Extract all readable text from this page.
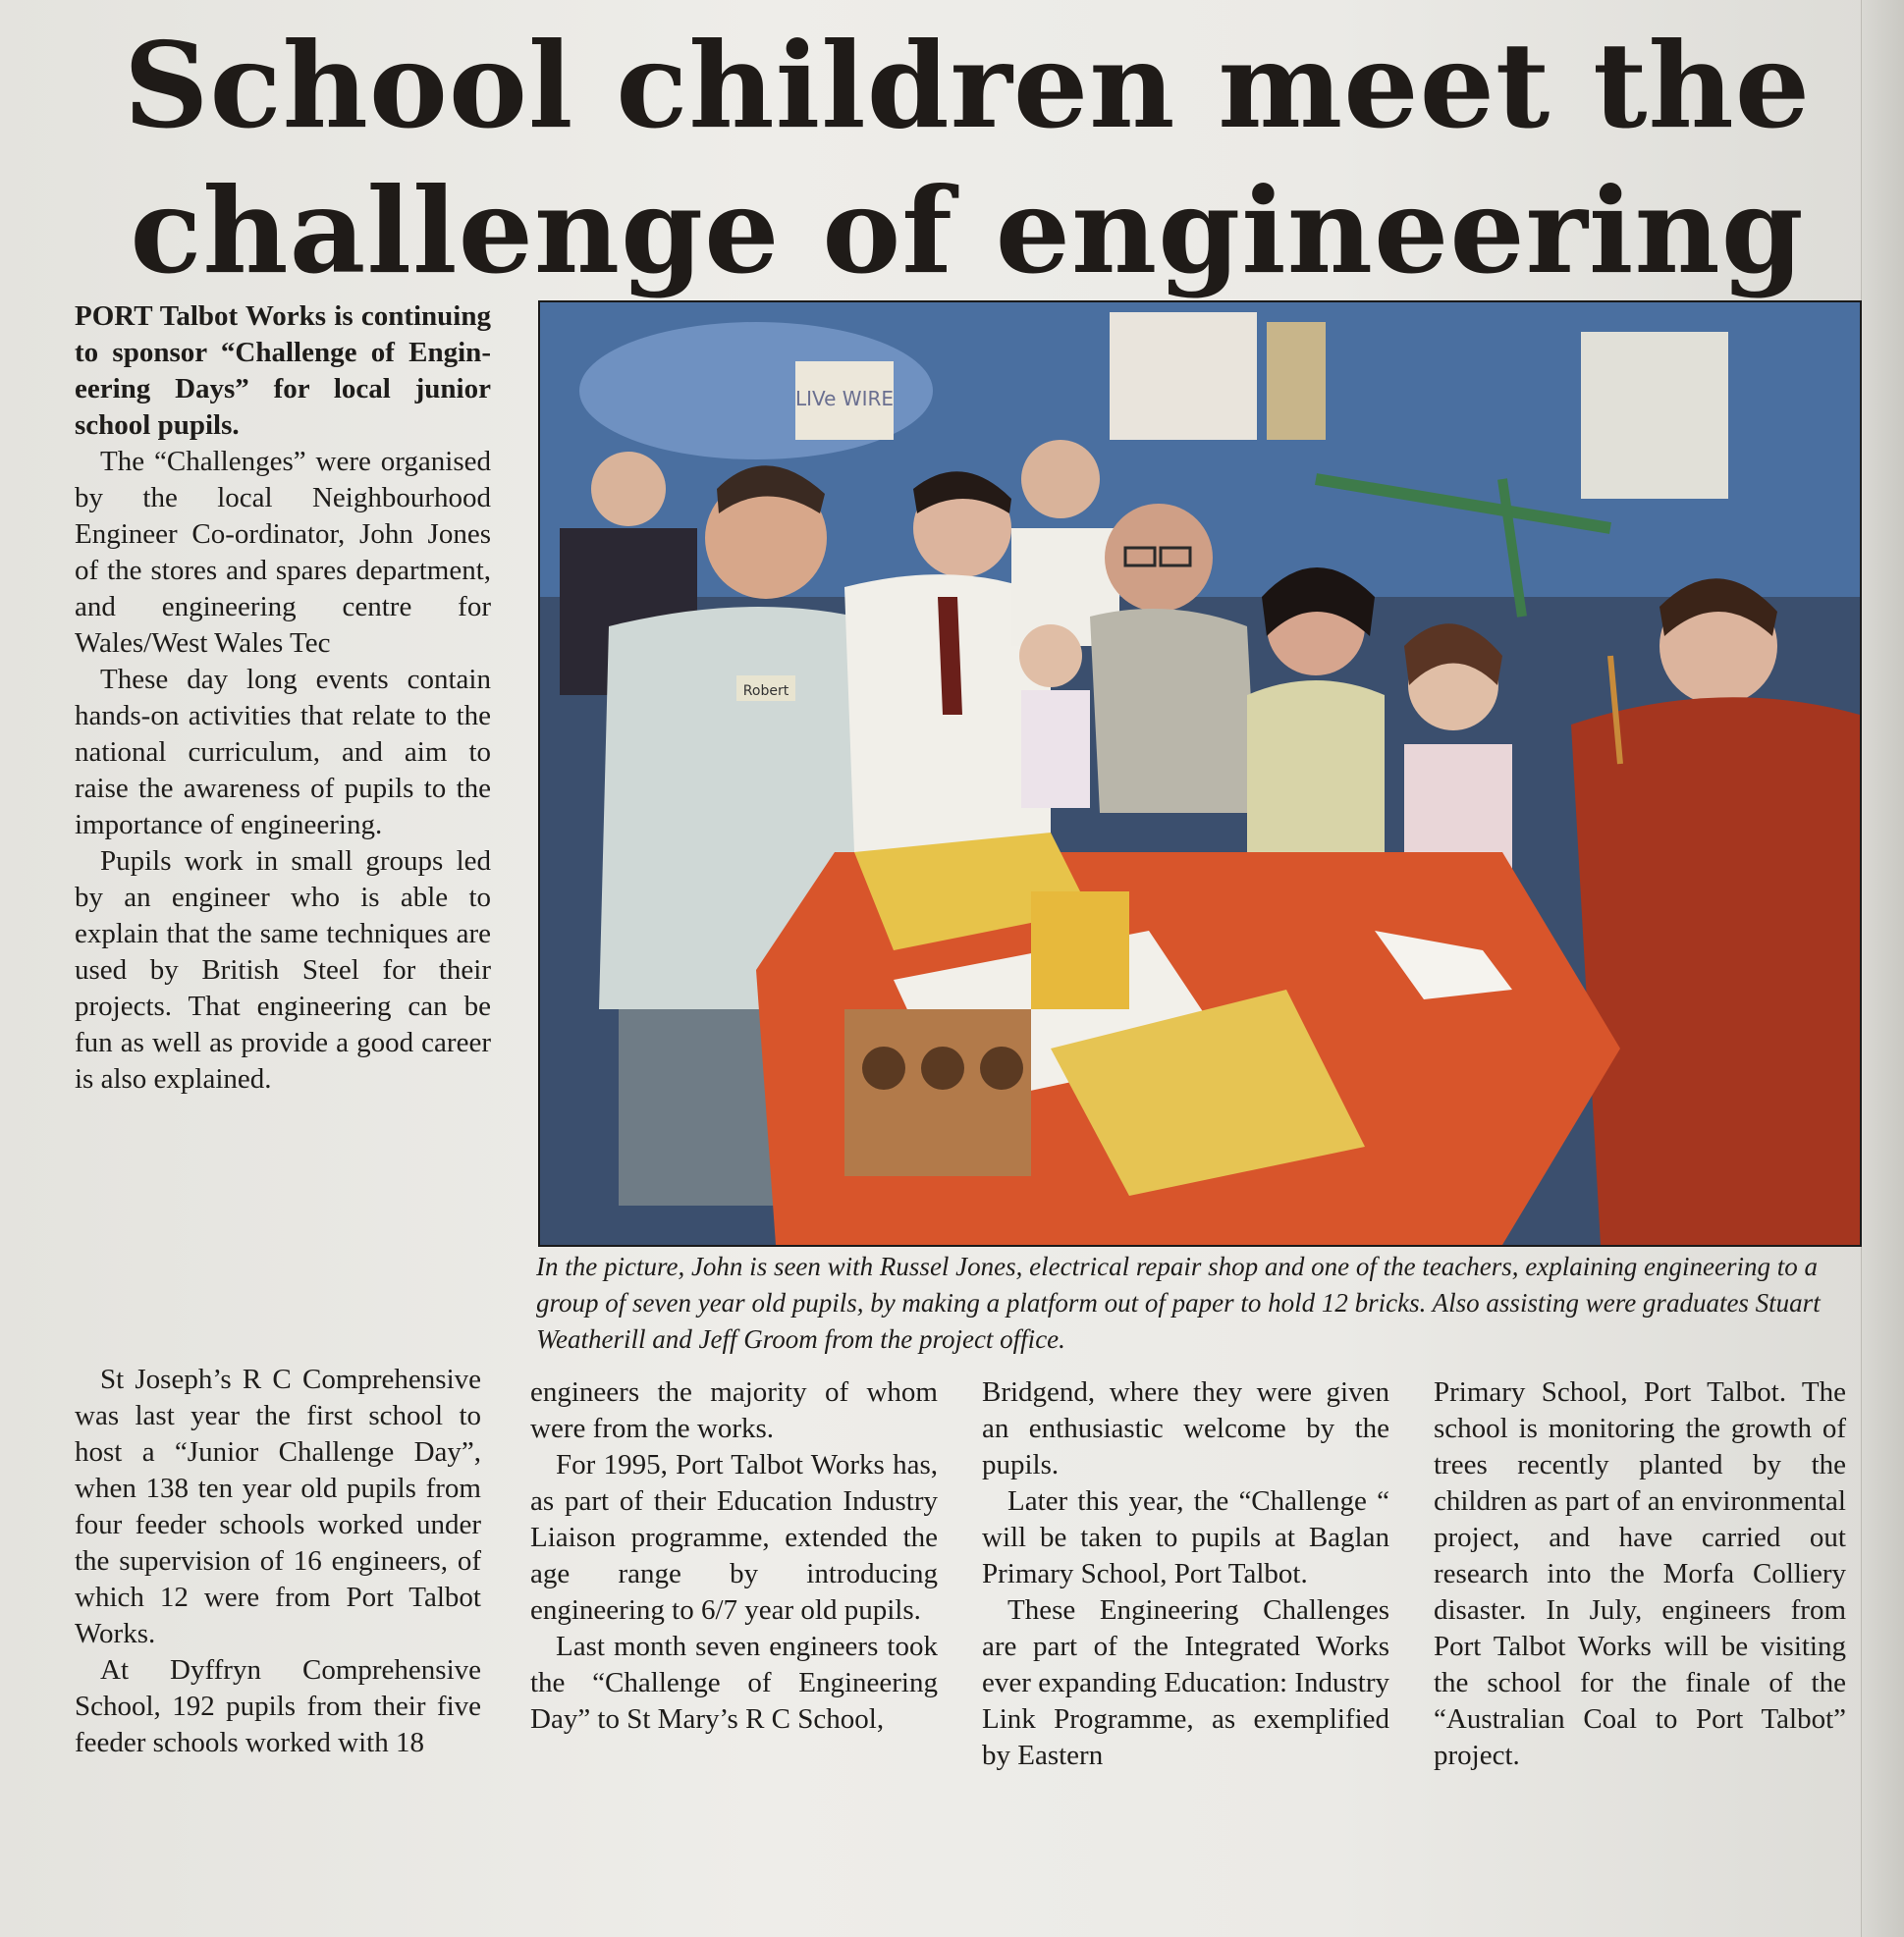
School children meet the challenge of engineering

PORT Talbot Works is continuing to sponsor “Challenge of Engineering Days” for local junior school pupils.

The “Challenges” were organised by the local Neighbourhood Engineer Co-ordinator, John Jones of the stores and spares department, and engineering centre for Wales/West Wales Tec

These day long events contain hands-on activities that relate to the national curriculum, and aim to raise the awareness of pupils to the importance of engineering.

Pupils work in small groups led by an engineer who is able to explain that the same techniques are used by British Steel for their projects. That engineering can be fun as well as provide a good career is also explained.

LIVe WIRE
Robert

In the picture, John is seen with Russel Jones, electrical repair shop and one of the teachers, explaining engineering to a group of seven year old pupils, by making a platform out of paper to hold 12 bricks. Also assisting were graduates Stuart Weatherill and Jeff Groom from the project office.

St Joseph’s R C Comprehensive was last year the first school to host a “Junior Challenge Day”, when 138 ten year old pupils from four feeder schools worked under the supervision of 16 engineers, of which 12 were from Port Talbot Works.

At Dyffryn Comprehensive School, 192 pupils from their five feeder schools worked with 18

engineers the majority of whom were from the works.

For 1995, Port Talbot Works has, as part of their Education Industry Liaison programme, extended the age range by introducing engineering to 6/7 year old pupils.

Last month seven engineers took the “Challenge of Engineering Day” to St Mary’s R C School,

Bridgend, where they were given an enthusiastic welcome by the pupils.

Later this year, the “Challenge “ will be taken to pupils at Baglan Primary School, Port Talbot.

These Engineering Challenges are part of the Integrated Works ever expanding Education: Industry Link Programme, as exemplified by Eastern

Primary School, Port Talbot. The school is monitoring the growth of trees recently planted by the children as part of an environmental project, and have carried out research into the Morfa Colliery disaster. In July, engineers from Port Talbot Works will be visiting the school for the finale of the “Australian Coal to Port Talbot” project.
